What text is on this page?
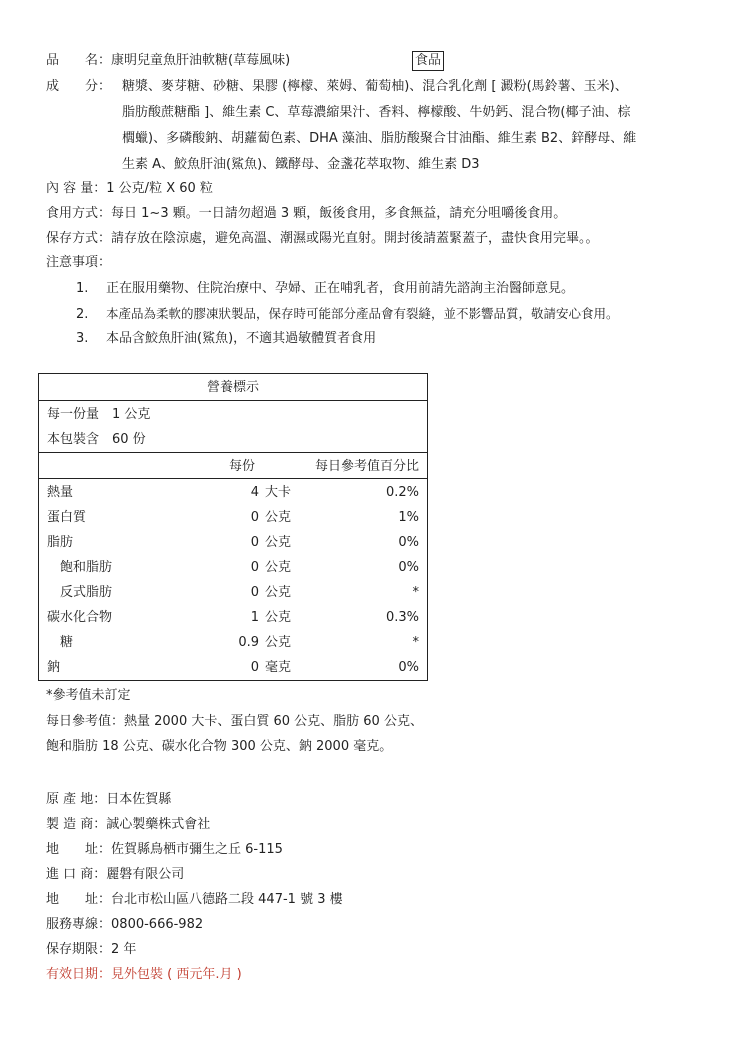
品　　名：康明兒童魚肝油軟糖(草莓風味)	食品
成　　分： 糖漿、麥芽糖、砂糖、果膠 (檸檬、萊姆、葡萄柚)、混合乳化劑 [ 澱粉(馬鈴薯、玉米)、
脂肪酸蔗糖酯 ]、維生素 C、草莓濃縮果汁、香料、檸檬酸、牛奶鈣、混合物(椰子油、棕
櫚蠟)、多磷酸鈉、胡蘿蔔色素、DHA 藻油、脂肪酸聚合甘油酯、維生素 B2、鋅酵母、維
生素 A、鮫魚肝油(鯊魚)、鐵酵母、金盞花萃取物、維生素 D3
內 容 量：1 公克/粒 X 60 粒
食用方式：每日 1~3 顆。一日請勿超過 3 顆，飯後食用，多食無益，請充分咀嚼後食用。
保存方式：請存放在陰涼處，避免高溫、潮濕或陽光直射。開封後請蓋緊蓋子，盡快食用完畢。。
注意事項：
1. 正在服用藥物、住院治療中、孕婦、正在哺乳者，食用前請先諮詢主治醫師意見。
2. 本產品為柔軟的膠凍狀製品，保存時可能部分產品會有裂縫，並不影響品質，敬請安心食用。
3. 本品含鮫魚肝油(鯊魚)，不適其過敏體質者食用
營養標示
每一份量　1 公克
本包裝含　60 份
每份	每日參考值百分比
熱量	4 大卡	0.2%
蛋白質	0 公克	1%
脂肪	0 公克	0%
　飽和脂肪	0 公克	0%
　反式脂肪	0 公克	*
碳水化合物	1 公克	0.3%
　糖	0.9 公克	*
鈉	0 毫克	0%
*參考值未訂定
每日參考值：熱量 2000 大卡、蛋白質 60 公克、脂肪 60 公克、
飽和脂肪 18 公克、碳水化合物 300 公克、鈉 2000 毫克。
原 產 地：日本佐賀縣
製 造 商：誠心製藥株式會社
地　　址：佐賀縣鳥栖市彌生之丘 6-115
進 口 商：麗磐有限公司
地　　址：台北市松山區八德路二段 447-1 號 3 樓
服務專線：0800-666-982
保存期限：2 年
有效日期：見外包裝 ( 西元年.月 )
